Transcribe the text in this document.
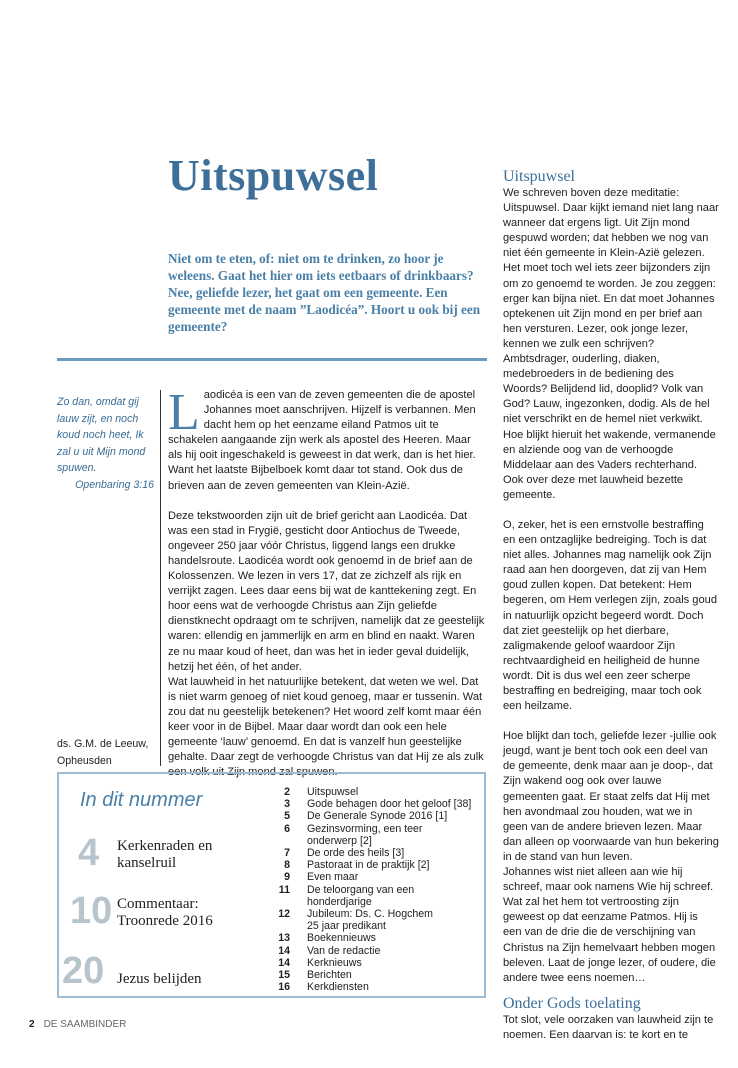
Uitspuwsel

Niet om te eten, of: niet om te drinken, zo hoor je weleens. Gaat het hier om iets eetbaars of drinkbaars? Nee, geliefde lezer, het gaat om een gemeente. Een gemeente met de naam ”Laodicéa”. Hoort u ook bij een gemeente?

Zo dan, omdat gij lauw zijt, en noch koud noch heet, Ik zal u uit Mijn mond spuwen.
Openbaring 3:16

ds. G.M. de Leeuw,
Opheusden

Laodicéa is een van de zeven gemeenten die de apostel Johannes moet aanschrijven. Hijzelf is verbannen. Men dacht hem op het eenzame eiland Patmos uit te schakelen aangaande zijn werk als apostel des Heeren. Maar als hij ooit ingeschakeld is geweest in dat werk, dan is het hier. Want het laatste Bijbelboek komt daar tot stand. Ook dus de brieven aan de zeven gemeenten van Klein-Azië.

Deze tekstwoorden zijn uit de brief gericht aan Laodicéa. Dat was een stad in Frygië, gesticht door Antiochus de Tweede, ongeveer 250 jaar vóór Christus, liggend langs een drukke handelsroute. Laodicéa wordt ook genoemd in de brief aan de Kolossenzen. We lezen in vers 17, dat ze zichzelf als rijk en verrijkt zagen. Lees daar eens bij wat de kanttekening zegt. En hoor eens wat de verhoogde Christus aan Zijn geliefde dienstknecht opdraagt om te schrijven, namelijk dat ze geestelijk waren: ellendig en jammerlijk en arm en blind en naakt. Waren ze nu maar koud of heet, dan was het in ieder geval duidelijk, hetzij het één, of het ander.

Wat lauwheid in het natuurlijke betekent, dat weten we wel. Dat is niet warm genoeg of niet koud genoeg, maar er tussenin. Wat zou dat nu geestelijk betekenen? Het woord zelf komt maar één keer voor in de Bijbel. Maar daar wordt dan ook een hele gemeente ‘lauw’ genoemd. En dat is vanzelf hun geestelijke gehalte. Daar zegt de verhoogde Christus van dat Hij ze als zulk een volk uit Zijn mond zal spuwen.

Uitspuwsel

We schreven boven deze meditatie: Uitspuwsel. Daar kijkt iemand niet lang naar wanneer dat ergens ligt. Uit Zijn mond gespuwd worden; dat hebben we nog van niet één gemeente in Klein-Azië gelezen. Het moet toch wel iets zeer bijzonders zijn om zo genoemd te worden. Je zou zeggen: erger kan bijna niet. En dat moet Johannes optekenen uit Zijn mond en per brief aan hen versturen. Lezer, ook jonge lezer, kennen we zulk een schrijven? Ambtsdrager, ouderling, diaken, medebroeders in de bediening des Woords? Belijdend lid, dooplid? Volk van God? Lauw, ingezonken, dodig. Als de hel niet verschrikt en de hemel niet verkwikt. Hoe blijkt hieruit het wakende, vermanende en alziende oog van de verhoogde Middelaar aan des Vaders rechterhand. Ook over deze met lauwheid bezette gemeente.

O, zeker, het is een ernstvolle bestraffing en een ontzaglijke bedreiging. Toch is dat niet alles. Johannes mag namelijk ook Zijn raad aan hen doorgeven, dat zij van Hem goud zullen kopen. Dat betekent: Hem begeren, om Hem verlegen zijn, zoals goud in natuurlijk opzicht begeerd wordt. Doch dat ziet geestelijk op het dierbare, zaligmakende geloof waardoor Zijn rechtvaardigheid en heiligheid de hunne wordt. Dit is dus wel een zeer scherpe bestraffing en bedreiging, maar toch ook een heilzame.

Hoe blijkt dan toch, geliefde lezer -jullie ook jeugd, want je bent toch ook een deel van de gemeente, denk maar aan je doop-, dat Zijn wakend oog ook over lauwe gemeenten gaat. Er staat zelfs dat Hij met hen avondmaal zou houden, wat we in geen van de andere brieven lezen. Maar dan alleen op voorwaarde van hun bekering in de stand van hun leven.

Johannes wist niet alleen aan wie hij schreef, maar ook namens Wie hij schreef. Wat zal het hem tot vertroosting zijn geweest op dat eenzame Patmos. Hij is een van de drie die de verschijning van Christus na Zijn hemelvaart hebben mogen beleven. Laat de jonge lezer, of oudere, die andere twee eens noemen…

Onder Gods toelating

Tot slot, vele oorzaken van lauwheid zijn te noemen. Een daarvan is: te kort en te

In dit nummer

4 Kerkenraden en kanselruil

10 Commentaar: Troonrede 2016

20 Jezus belijden

2	Uitspuwsel
3	Gode behagen door het geloof [38]
5	De Generale Synode 2016 [1]
6	Gezinsvorming, een teer onderwerp [2]
7	De orde des heils [3]
8	Pastoraat in de praktijk [2]
9	Even maar
11	De teloorgang van een honderdjarige
12	Jubileum: Ds. C. Hogchem 25 jaar predikant
13	Boekennieuws
14	Van de redactie
14	Kerknieuws
15	Berichten
16	Kerkdiensten

2 DE SAAMBINDER
